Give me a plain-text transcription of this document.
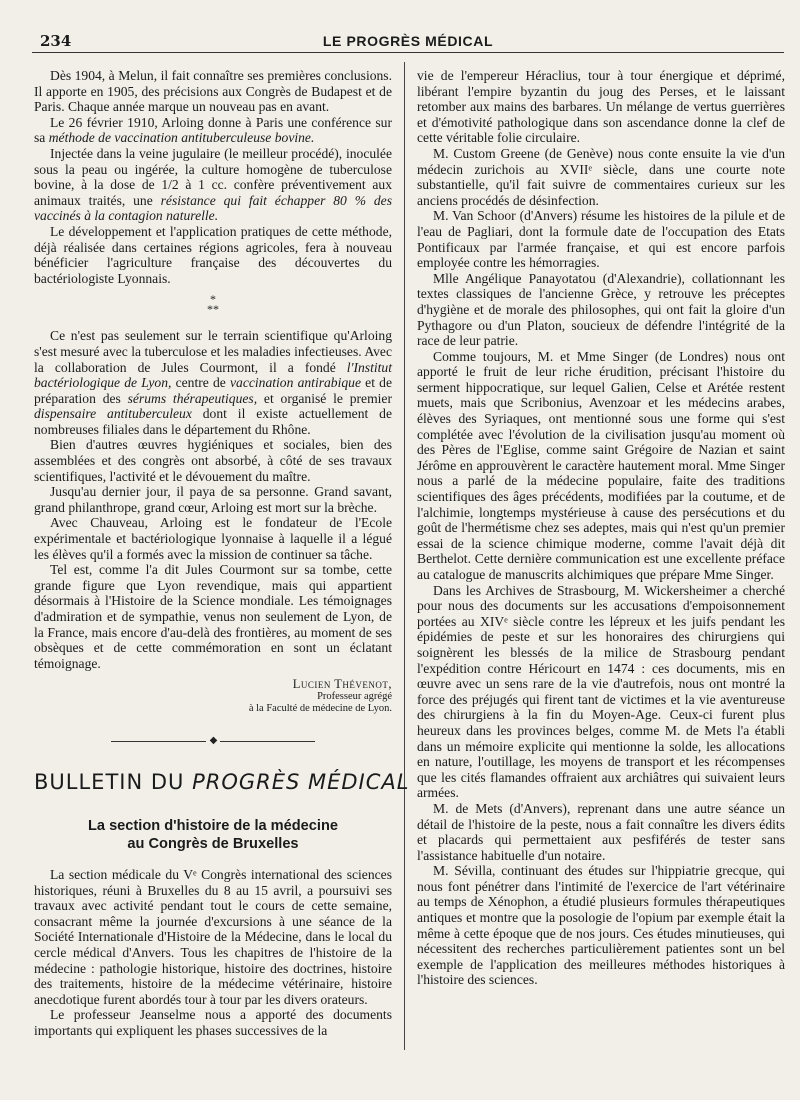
234	LE PROGRÈS MÉDICAL

Dès 1904, à Melun, il fait connaître ses premières conclusions. Il apporte en 1905, des précisions aux Congrès de Budapest et de Paris. Chaque année marque un nouveau pas en avant.

Le 26 février 1910, Arloing donne à Paris une conférence sur sa méthode de vaccination antituberculeuse bovine.

Injectée dans la veine jugulaire (le meilleur procédé), inoculée sous la peau ou ingérée, la culture homogène de tuberculose bovine, à la dose de 1/2 à 1 cc. confère préventivement aux animaux traités, une résistance qui fait échapper 80 % des vaccinés à la contagion naturelle.

Le développement et l'application pratiques de cette méthode, déjà réalisée dans certaines régions agricoles, fera à nouveau bénéficier l'agriculture française des découvertes du bactériologiste Lyonnais.

*
**

Ce n'est pas seulement sur le terrain scientifique qu'Arloing s'est mesuré avec la tuberculose et les maladies infectieuses. Avec la collaboration de Jules Courmont, il a fondé l'Institut bactériologique de Lyon, centre de vaccination antirabique et de préparation des sérums thérapeutiques, et organisé le premier dispensaire antituberculeux dont il existe actuellement de nombreuses filiales dans le département du Rhône.

Bien d'autres œuvres hygiéniques et sociales, bien des assemblées et des congrès ont absorbé, à côté de ses travaux scientifiques, l'activité et le dévouement du maître.

Jusqu'au dernier jour, il paya de sa personne. Grand savant, grand philanthrope, grand cœur, Arloing est mort sur la brèche.

Avec Chauveau, Arloing est le fondateur de l'Ecole expérimentale et bactériologique lyonnaise à laquelle il a légué les élèves qu'il a formés avec la mission de continuer sa tâche.

Tel est, comme l'a dit Jules Courmont sur sa tombe, cette grande figure que Lyon revendique, mais qui appartient désormais à l'Histoire de la Science mondiale. Les témoignages d'admiration et de sympathie, venus non seulement de Lyon, de la France, mais encore d'au-delà des frontières, au moment de ses obsèques et de cette commémoration en sont un éclatant témoignage.

Lucien Thévenot,
Professeur agrégé
à la Faculté de médecine de Lyon.
◆
BULLETIN DU PROGRÈS MÉDICAL
La section d'histoire de la médecine
au Congrès de Bruxelles

La section médicale du Vᵉ Congrès international des sciences historiques, réuni à Bruxelles du 8 au 15 avril, a poursuivi ses travaux avec activité pendant tout le cours de cette semaine, consacrant même la journée d'excursions à une séance de la Société Internationale d'Histoire de la Médecine, dans le local du cercle médical d'Anvers. Tous les chapitres de l'histoire de la médecine : pathologie historique, histoire des doctrines, histoire des traitements, histoire de la médecime vétérinaire, histoire anecdotique furent abordés tour à tour par les divers orateurs.

Le professeur Jeanselme nous a apporté des documents importants qui expliquent les phases successives de la

vie de l'empereur Héraclius, tour à tour énergique et déprimé, libérant l'empire byzantin du joug des Perses, et le laissant retomber aux mains des barbares. Un mélange de vertus guerrières et d'émotivité pathologique dans son ascendance donne la clef de cette véritable folie circulaire.

M. Custom Greene (de Genève) nous conte ensuite la vie d'un médecin zurichois au XVIIᵉ siècle, dans une courte note substantielle, qu'il fait suivre de commentaires curieux sur les anciens procédés de désinfection.

M. Van Schoor (d'Anvers) résume les histoires de la pilule et de l'eau de Pagliari, dont la formule date de l'occupation des Etats Pontificaux par l'armée française, et qui est encore parfois employée contre les hémorragies.

Mlle Angélique Panayotatou (d'Alexandrie), collationnant les textes classiques de l'ancienne Grèce, y retrouve les préceptes d'hygiène et de morale des philosophes, qui ont fait la gloire d'un Pythagore ou d'un Platon, soucieux de défendre l'intégrité de la race de leur patrie.

Comme toujours, M. et Mme Singer (de Londres) nous ont apporté le fruit de leur riche érudition, précisant l'histoire du serment hippocratique, sur lequel Galien, Celse et Arétée restent muets, mais que Scribonius, Avenzoar et les médecins arabes, élèves des Syriaques, ont mentionné sous une forme qui s'est complétée avec l'évolution de la civilisation jusqu'au moment où des Pères de l'Eglise, comme saint Grégoire de Nazian et saint Jérôme en approuvèrent le caractère hautement moral. Mme Singer nous a parlé de la médecine populaire, faite des traditions scientifiques des âges précédents, modifiées par la coutume, et de l'alchimie, longtemps mystérieuse à cause des persécutions et du goût de l'hermétisme chez ses adeptes, mais qui n'est qu'un premier essai de la science chimique moderne, comme l'avait déjà dit Berthelot. Cette dernière communication est une excellente préface au catalogue de manuscrits alchimiques que prépare Mme Singer.

Dans les Archives de Strasbourg, M. Wickersheimer a cherché pour nous des documents sur les accusations d'empoisonnement portées au XIVᵉ siècle contre les lépreux et les juifs pendant les épidémies de peste et sur les honoraires des chirurgiens qui soignèrent les blessés de la milice de Strasbourg pendant l'expédition contre Héricourt en 1474 : ces documents, mis en œuvre avec un sens rare de la vie d'autrefois, nous ont montré la force des préjugés qui firent tant de victimes et la vie aventureuse des chirurgiens à la fin du Moyen-Age. Ceux-ci furent plus heureux dans les provinces belges, comme M. de Mets l'a établi dans un mémoire explicite qui mentionne la solde, les allocations en nature, l'outillage, les moyens de transport et les récompenses que les cités flamandes offraient aux archiâtres qui suivaient leurs armées.

M. de Mets (d'Anvers), reprenant dans une autre séance un détail de l'histoire de la peste, nous a fait connaître les divers édits et placards qui permettaient aux pesfiférés de tester sans l'assistance habituelle d'un notaire.

M. Sévilla, continuant des études sur l'hippiatrie grecque, qui nous font pénétrer dans l'intimité de l'exercice de l'art vétérinaire au temps de Xénophon, a étudié plusieurs formules thérapeutiques antiques et montre que la posologie de l'opium par exemple était la même à cette époque que de nos jours. Ces études minutieuses, qui nécessitent des recherches particulièrement patientes sont un bel exemple de l'application des meilleures méthodes historiques à l'histoire des sciences.
